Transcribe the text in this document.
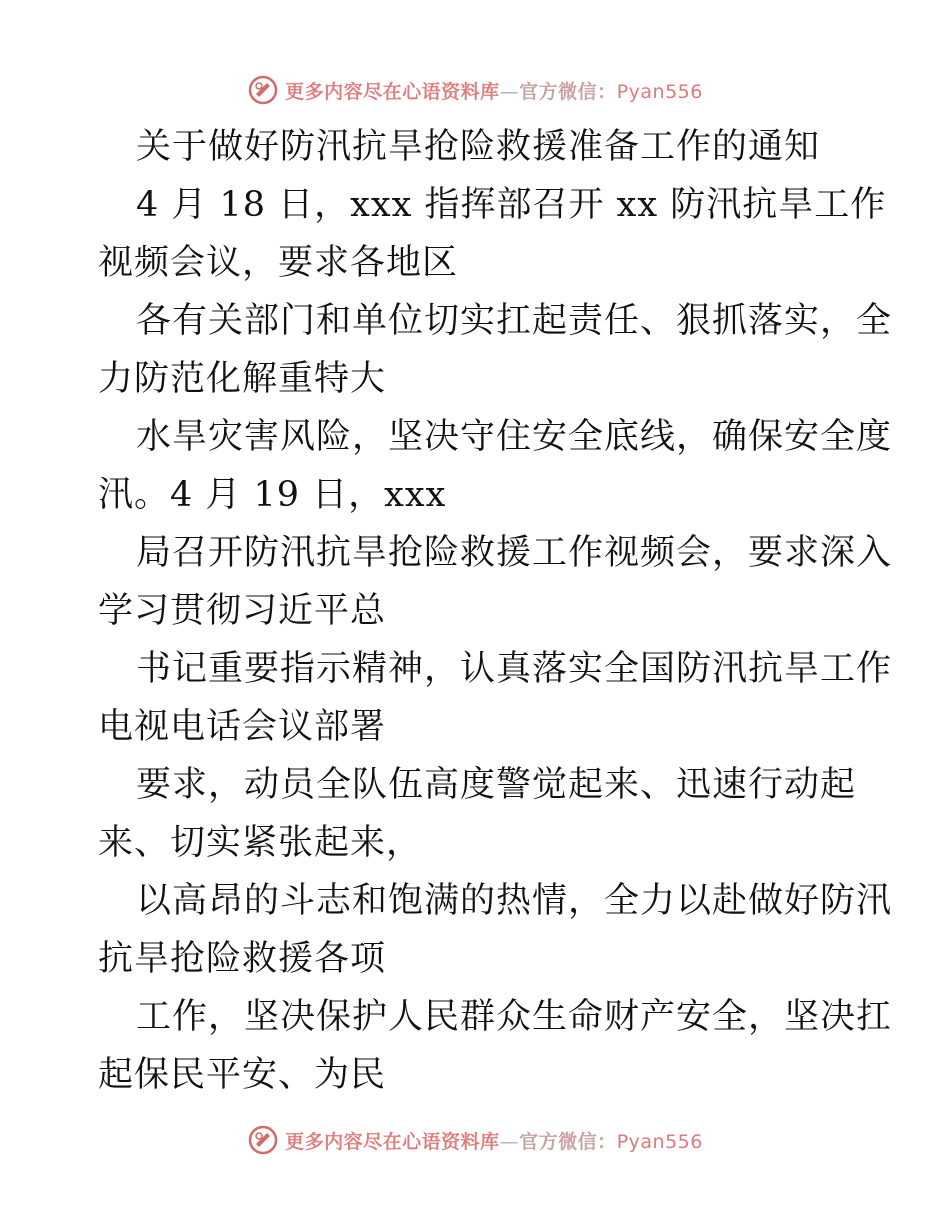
更多内容尽在心语资料库—官方微信：Pyan556
关于做好防汛抗旱抢险救援准备工作的通知
4 月 18 日，xxx 指挥部召开 xx 防汛抗旱工作
视频会议，要求各地区
各有关部门和单位切实扛起责任、狠抓落实，全
力防范化解重特大
水旱灾害风险，坚决守住安全底线，确保安全度
汛。4 月 19 日，xxx
局召开防汛抗旱抢险救援工作视频会，要求深入
学习贯彻习近平总
书记重要指示精神，认真落实全国防汛抗旱工作
电视电话会议部署
要求，动员全队伍高度警觉起来、迅速行动起
来、切实紧张起来，
以高昂的斗志和饱满的热情，全力以赴做好防汛
抗旱抢险救援各项
工作，坚决保护人民群众生命财产安全，坚决扛
起保民平安、为民
更多内容尽在心语资料库—官方微信：Pyan556
